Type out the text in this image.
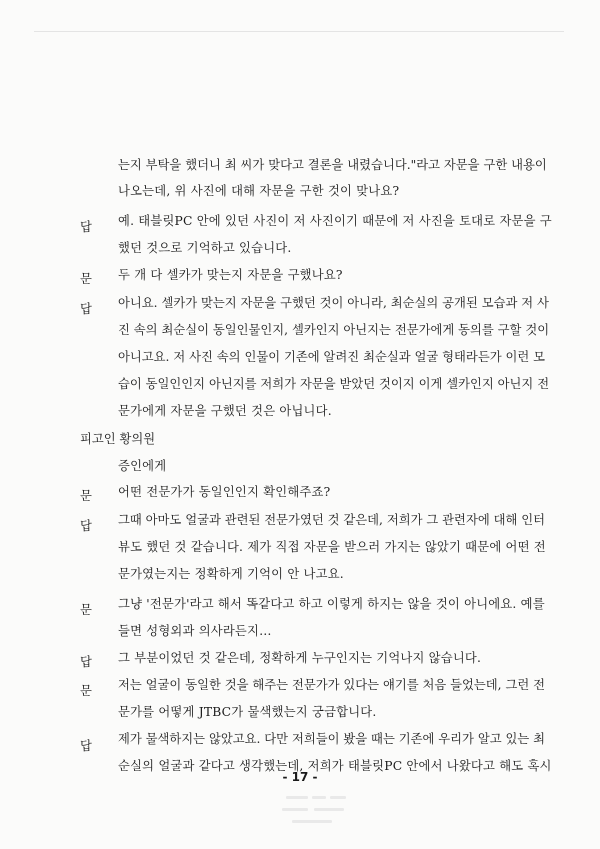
는지 부탁을 했더니 최 씨가 맞다고 결론을 내렸습니다."라고 자문을 구한 내용이
나오는데, 위 사진에 대해 자문을 구한 것이 맞나요?
답 예. 태블릿PC 안에 있던 사진이 저 사진이기 때문에 저 사진을 토대로 자문을 구
했던 것으로 기억하고 있습니다.
문 두 개 다 셀카가 맞는지 자문을 구했나요?
답 아니요. 셀카가 맞는지 자문을 구했던 것이 아니라, 최순실의 공개된 모습과 저 사
진 속의 최순실이 동일인물인지, 셀카인지 아닌지는 전문가에게 동의를 구할 것이
아니고요. 저 사진 속의 인물이 기존에 알려진 최순실과 얼굴 형태라든가 이런 모
습이 동일인인지 아닌지를 저희가 자문을 받았던 것이지 이게 셀카인지 아닌지 전
문가에게 자문을 구했던 것은 아닙니다.
피고인 황의원
증인에게
문 어떤 전문가가 동일인인지 확인해주죠?
답 그때 아마도 얼굴과 관련된 전문가였던 것 같은데, 저희가 그 관련자에 대해 인터
뷰도 했던 것 같습니다. 제가 직접 자문을 받으러 가지는 않았기 때문에 어떤 전
문가였는지는 정확하게 기억이 안 나고요.
문 그냥 '전문가'라고 해서 똑같다고 하고 이렇게 하지는 않을 것이 아니에요. 예를
들면 성형외과 의사라든지…
답 그 부분이었던 것 같은데, 정확하게 누구인지는 기억나지 않습니다.
문 저는 얼굴이 동일한 것을 해주는 전문가가 있다는 얘기를 처음 들었는데, 그런 전
문가를 어떻게 JTBC가 물색했는지 궁금합니다.
답 제가 물색하지는 않았고요. 다만 저희들이 봤을 때는 기존에 우리가 알고 있는 최
순실의 얼굴과 같다고 생각했는데, 저희가 태블릿PC 안에서 나왔다고 해도 혹시
- 17 -
